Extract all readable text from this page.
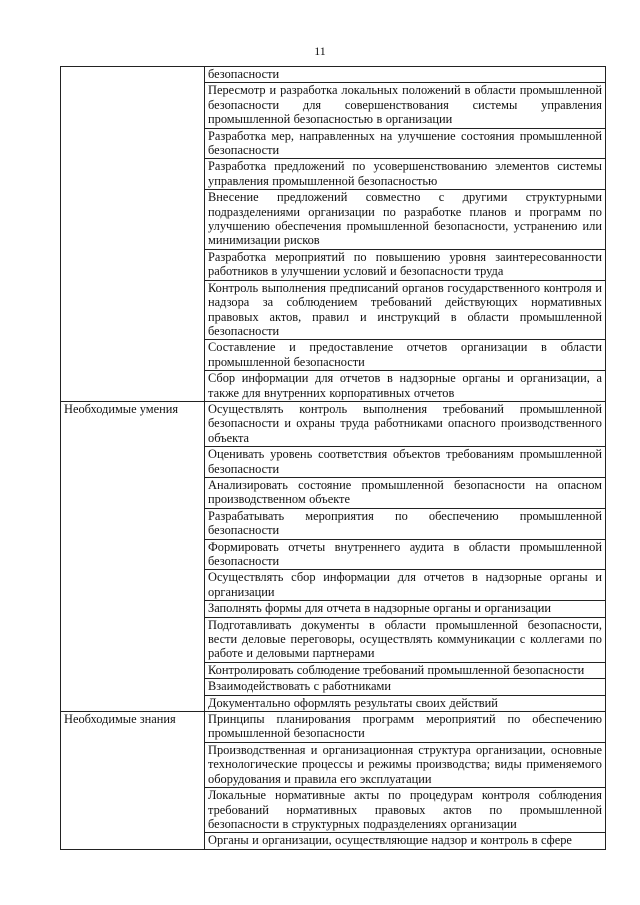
11
	безопасности
	Пересмотр и разработка локальных положений в области промышленной безопасности для совершенствования системы управления промышленной безопасностью в организации
	Разработка мер, направленных на улучшение состояния промышленной безопасности
	Разработка предложений по усовершенствованию элементов системы управления промышленной безопасностью
	Внесение предложений совместно с другими структурными подразделениями организации по разработке планов и программ по улучшению обеспечения промышленной безопасности, устранению или минимизации рисков
	Разработка мероприятий по повышению уровня заинтересованности работников в улучшении условий и безопасности труда
	Контроль выполнения предписаний органов государственного контроля и надзора за соблюдением требований действующих нормативных правовых актов, правил и инструкций в области промышленной безопасности
	Составление и предоставление отчетов организации в области промышленной безопасности
	Сбор информации для отчетов в надзорные органы и организации, а также для внутренних корпоративных отчетов
Необходимые умения	Осуществлять контроль выполнения требований промышленной безопасности и охраны труда работниками опасного производственного объекта
	Оценивать уровень соответствия объектов требованиям промышленной безопасности
	Анализировать состояние промышленной безопасности на опасном производственном объекте
	Разрабатывать мероприятия по обеспечению промышленной безопасности
	Формировать отчеты внутреннего аудита в области промышленной безопасности
	Осуществлять сбор информации для отчетов в надзорные органы и организации
	Заполнять формы для отчета в надзорные органы и организации
	Подготавливать документы в области промышленной безопасности, вести деловые переговоры, осуществлять коммуникации с коллегами по работе и деловыми партнерами
	Контролировать соблюдение требований промышленной безопасности
	Взаимодействовать с работниками
	Документально оформлять результаты своих действий
Необходимые знания	Принципы планирования программ мероприятий по обеспечению промышленной безопасности
	Производственная и организационная структура организации, основные технологические процессы и режимы производства; виды применяемого оборудования и правила его эксплуатации
	Локальные нормативные акты по процедурам контроля соблюдения требований нормативных правовых актов по промышленной безопасности в структурных подразделениях организации
	Органы и организации, осуществляющие надзор и контроль в сфере
